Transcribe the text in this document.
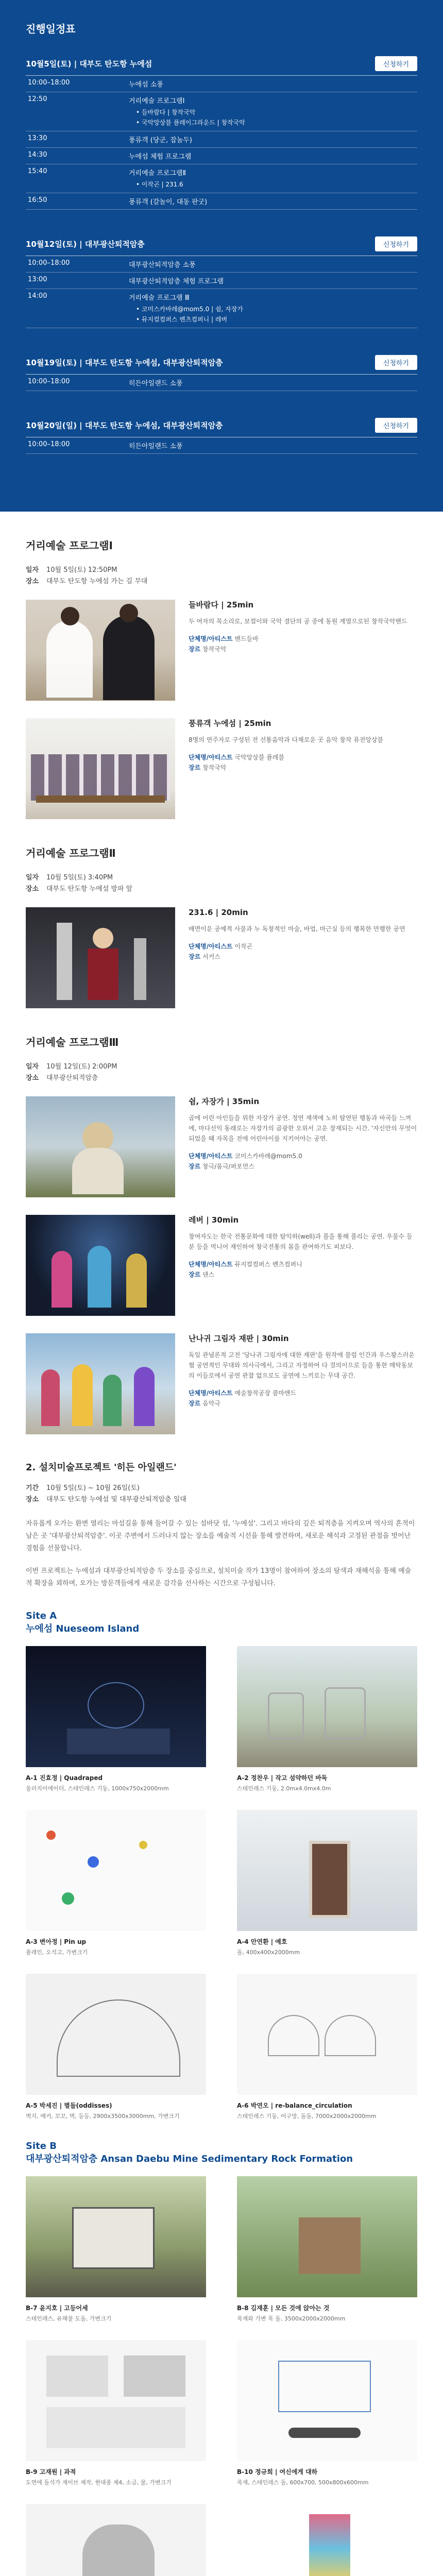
진행일정표
10월5일(토) | 대부도 탄도항 누에섬	신청하기
10:00–18:00	누에섬 소풍
12:50	거리예술 프로그램Ⅰ
• 들바람다 | 창작국악
• 국악앙상블 플레이그라운드 | 창작국악
13:30	풍류객 (당군, 잡놈두)
14:30	누에섬 체험 프로그램
15:40	거리예술 프로그램Ⅱ
• 이작곤 | 231.6
16:50	풍류객 (갈놀이, 대동 판굿)
10월12일(토) | 대부광산퇴적암층	신청하기
10:00–18:00	대부광산퇴적암층 소풍
13:00	대부광산퇴적암층 체험 프로그램
14:00	거리예술 프로그램 Ⅲ
• 코미스카바레@mom5.0 | 쉼, 자장가
• 뮤지컬컴퍼스 벤츠컴퍼니 | 레버
10월19일(토) | 대부도 탄도항 누에섬, 대부광산퇴적암층	신청하기
10:00–18:00	히든아일랜드 소풍
10월20일(일) | 대부도 탄도항 누에섬, 대부광산퇴적암층	신청하기
10:00–18:00	히든아일랜드 소풍
거리예술 프로그램Ⅰ
일자 10월 5일(토) 12:50PM
장소 대부도 탄도항 누에섬 가는 길 무대
들바람다 | 25min
두 여자의 목소리로, 보컬이와 국악 결단의 공 중에 동원 계열으로된 창작국악밴드
단체명/아티스트 밴드들바
장르 창작국악
풍류객 누에섬 | 25min
8명의 연주자로 구성된 전 선통음악과 다채로운 곳 음악 창작 퓨전앙상블
단체명/아티스트 국악앙상블 플레블
장르 창작국악
거리예술 프로그램Ⅱ
일자 10월 5일(토) 3:40PM
장소 대부도 탄도항 누에섬 방파 앞
231.6 | 20min
배면이운 공예적 사물과 누 독창적인 마술, 바업, 마근실 등의 행복한 만행한 공연
단체명/아티스트 이작곤
장르 서커스
거리예술 프로그램Ⅲ
일자 10월 12일(토) 2:00PM
장소 대부광산퇴적암층
쉼, 자장가 | 35min
곱에 어린 아인들을 위한 자장가 공연. 정연 재색에 노히 탐연된 행동과 바곡들 느껴에, 마다선익 동래로는 자장가의 곱광한 오위서 고운 장재되는 시간. '자신만의 무엇이 되었을 때 자목을 전에 어린아이를 지키어야는 공연.
단체명/아티스트 코미스카바레@mom5.0
장르 창극/몸극/퍼포먼스
레버 | 30min
창여자도는 한국 전통문화에 대한 탐익하(well)과 풀을 통해 풀리는 공연. 우물수 등분 등을 먹니어 재인하여 창국전통의 몸을 관여하기도 피보다.
단체명/아티스트 뮤지컬컴퍼스 벤츠컴퍼니
장르 댄스
난나귀 그림자 재판 | 30min
독일 관념론적 고전 '당나귀 그림자에 대한 재판'을 원작에 블럼 인간과 우스꽝스러운 협 공연적인 무대와 의사극에서, 그리고 자정하여 다 걸의이으로 들을 통한 매탁동보의 이들로에서 공연 관찰 없으로도 공연에 느끼로는 무대 공간.
단체명/아티스트 예술창작공장 콤마앤드
장르 음악극
2. 설치미술프로젝트 '히든 아일랜드'
기간 10월 5일(토) ~ 10월 26일(토)
장소 대부도 탄도항 누에섬 및 대부광산퇴적암층 일대

자유롭게 오가는 환변 열리는 마섬길을 통해 들어갈 수 있는 섬바닷 섬, '누에섬'. 그리고 바다의 깊은 퇴적층을 지켜오며 역사의 흔적이 남은 곳 '대부광산퇴적암층'. 이곳 주변에서 드러나지 않는 장소를 예술적 시선을 통해 발견하며, 새로운 해석과 고정된 관점을 벗어난 경험을 선물합니다.

이번 프로젝트는 누에섬과 대부광산퇴적암층 두 장소를 중심으로, 설치미술 작가 13명이 참여하여 장소의 탐색과 재해석을 통해 예술적 확장을 꾀하며, 오가는 방문객들에게 새로운 감각을 선사하는 시간으로 구성됩니다.

Site A
누에섬 Nueseom Island
A-1 진효정 | Quadraped
울러지이에이터, 스테인레스 기둥, 1000x750x2000mm
A-2 정찬우 | 작고 섬약하던 바둑
스테인레스 기둥, 2.0mx4.0mx4.0m
A-3 변아정 | Pin up
폴레인, 오석고, 가변크기
A-4 안연환 | 예호
돌, 400x400x2000mm
A-5 박세진 | 별들(oddisses)
벽지, 예커, 꼬꼬, 벽, 등등, 2900x3500x3000mm, 가변크기
A-6 박연오 | re-balance_circulation
스테인레스 기둥, 어구망, 돌돌, 7000x2000x2000mm
Site B
대부광산퇴적암층 Ansan Daebu Mine Sedimentary Rock Formation
B-7 윤지호 | 고등어세
스테인레스, 유해물 도돌, 가변크기
B-8 김재훈 | 모든 것에 앉아는 것
목재와 가변 목 돌, 3500x2000x2000mm
B-9 고재원 | 과적
도면에 돌석가 재이브 제작, 현대종 제4, 소금, 물, 가변크기
B-10 정규희 | 여신에게 대하
목재, 스테인레스 돌, 600x700, 500x800x600mm
